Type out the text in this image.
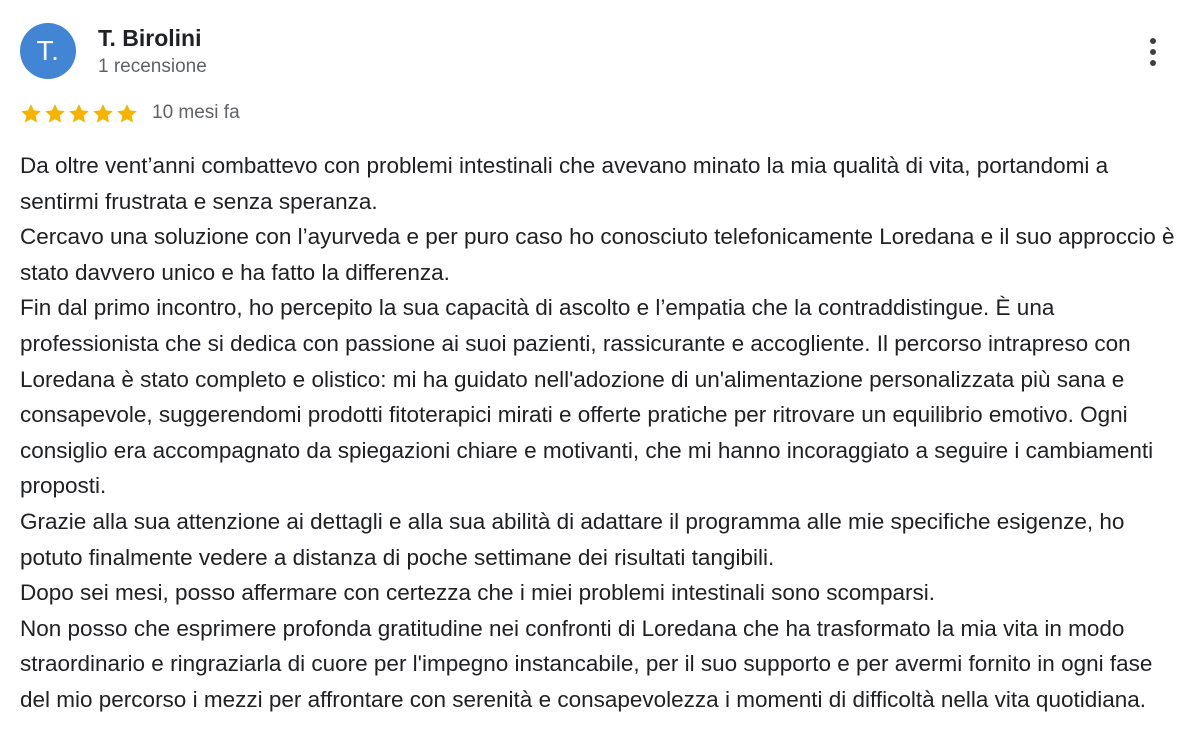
T. T. Birolini
1 recensione
10 mesi fa

Da oltre vent’anni combattevo con problemi intestinali che avevano minato la mia qualità di vita, portandomi a sentirmi frustrata e senza speranza.

Cercavo una soluzione con l’ayurveda e per puro caso ho conosciuto telefonicamente Loredana e il suo approccio è stato davvero unico e ha fatto la differenza.

Fin dal primo incontro, ho percepito la sua capacità di ascolto e l’empatia che la contraddistingue. È una professionista che si dedica con passione ai suoi pazienti, rassicurante e accogliente. Il percorso intrapreso con Loredana è stato completo e olistico: mi ha guidato nell'adozione di un'alimentazione personalizzata più sana e consapevole, suggerendomi prodotti fitoterapici mirati e offerte pratiche per ritrovare un equilibrio emotivo. Ogni consiglio era accompagnato da spiegazioni chiare e motivanti, che mi hanno incoraggiato a seguire i cambiamenti proposti.

Grazie alla sua attenzione ai dettagli e alla sua abilità di adattare il programma alle mie specifiche esigenze, ho potuto finalmente vedere a distanza di poche settimane dei risultati tangibili.

Dopo sei mesi, posso affermare con certezza che i miei problemi intestinali sono scomparsi.

Non posso che esprimere profonda gratitudine nei confronti di Loredana che ha trasformato la mia vita in modo straordinario e ringraziarla di cuore per l'impegno instancabile, per il suo supporto e per avermi fornito in ogni fase del mio percorso i mezzi per affrontare con serenità e consapevolezza i momenti di difficoltà nella vita quotidiana.
